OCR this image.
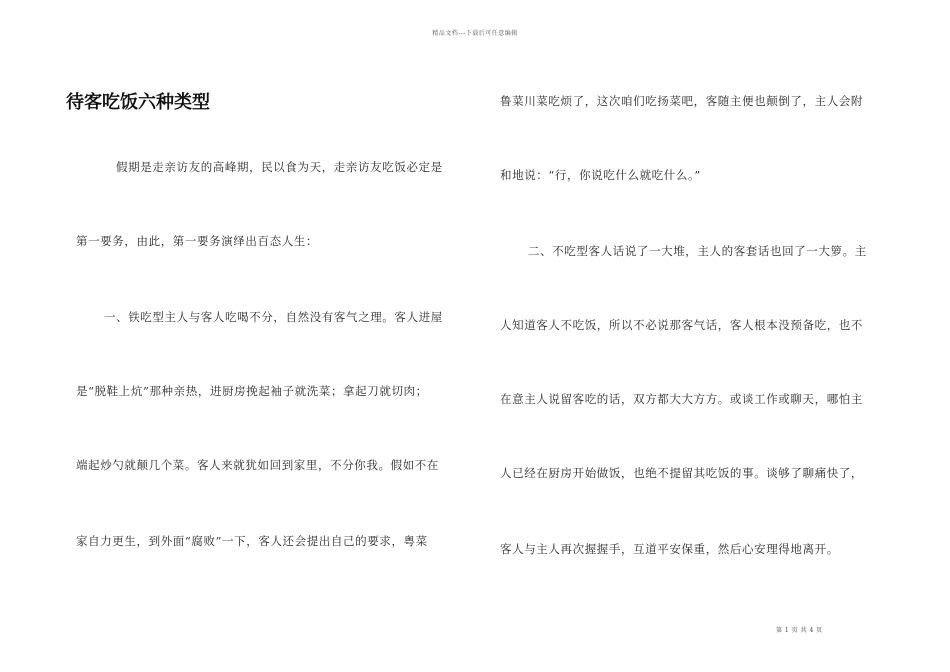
精品文档---下载后可任意编辑
待客吃饭六种类型
假期是走亲访友的高峰期，民以食为天，走亲访友吃饭必定是
第一要务，由此，第一要务演绎出百态人生：
一、铁吃型主人与客人吃喝不分，自然没有客气之理。客人进屋
是“脱鞋上炕”那种亲热，进厨房挽起袖子就洗菜；拿起刀就切肉；
端起炒勺就颠几个菜。客人来就犹如回到家里，不分你我。假如不在
家自力更生，到外面“腐败”一下，客人还会提出自己的要求，粤菜
鲁菜川菜吃烦了，这次咱们吃扬菜吧，客随主便也颠倒了，主人会附
和地说：“行，你说吃什么就吃什么。”
二、不吃型客人话说了一大堆，主人的客套话也回了一大箩。主
人知道客人不吃饭，所以不必说那客气话，客人根本没预备吃，也不
在意主人说留客吃的话，双方都大大方方。或谈工作或聊天，哪怕主
人已经在厨房开始做饭，也绝不提留其吃饭的事。谈够了聊痛快了，
客人与主人再次握握手，互道平安保重，然后心安理得地离开。
第 1 页 共 4 页
